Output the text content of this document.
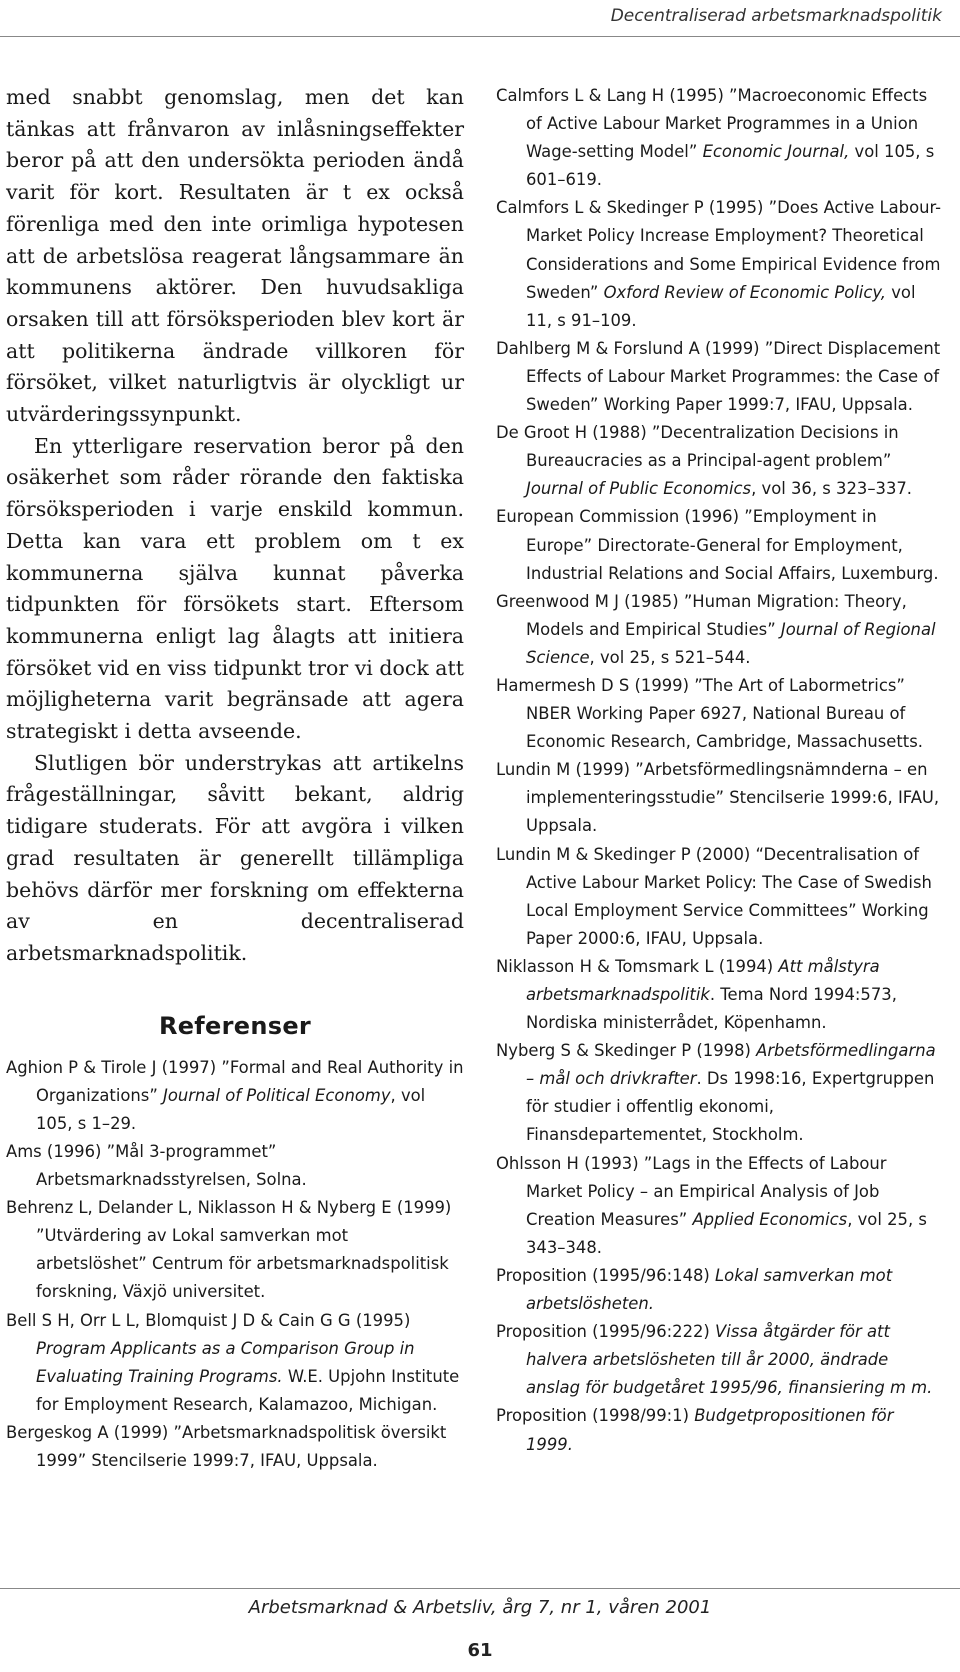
Decentraliserad arbetsmarknadspolitik

med snabbt genomslag, men det kan tänkas att frånvaron av inlåsningseffekter beror på att den undersökta perioden ändå varit för kort. Resultaten är t ex också förenliga med den inte orimliga hypotesen att de arbetslösa reagerat långsammare än kommunens aktörer. Den huvudsakliga orsaken till att försöksperioden blev kort är att politikerna ändrade villkoren för försöket, vilket naturligtvis är olyckligt ur utvärderingssynpunkt.

En ytterligare reservation beror på den osäkerhet som råder rörande den faktiska försöksperioden i varje enskild kommun. Detta kan vara ett problem om t ex kommunerna själva kunnat påverka tidpunkten för försökets start. Eftersom kommunerna enligt lag ålagts att initiera försöket vid en viss tidpunkt tror vi dock att möjligheterna varit begränsade att agera strategiskt i detta avseende.

Slutligen bör understrykas att artikelns frågeställningar, såvitt bekant, aldrig tidigare studerats. För att avgöra i vilken grad resultaten är generellt tillämpliga behövs därför mer forskning om effekterna av en decentraliserad arbetsmarknadspolitik.

Referenser
Aghion P & Tirole J (1997) ”Formal and Real Authority in Organizations” Journal of Political Economy, vol 105, s 1–29.
Ams (1996) ”Mål 3-programmet” Arbetsmarknadsstyrelsen, Solna.
Behrenz L, Delander L, Niklasson H & Nyberg E (1999) ”Utvärdering av Lokal samverkan mot arbetslöshet” Centrum för arbetsmarknadspolitisk forskning, Växjö universitet.
Bell S H, Orr L L, Blomquist J D & Cain G G (1995) Program Applicants as a Comparison Group in Evaluating Training Programs. W.E. Upjohn Institute for Employment Research, Kalamazoo, Michigan.
Bergeskog A (1999) ”Arbetsmarknadspolitisk översikt 1999” Stencilserie 1999:7, IFAU, Uppsala.
Calmfors L & Lang H (1995) ”Macroeconomic Effects of Active Labour Market Programmes in a Union Wage-setting Model” Economic Journal, vol 105, s 601–619.
Calmfors L & Skedinger P (1995) ”Does Active Labour-Market Policy Increase Employment? Theoretical Considerations and Some Empirical Evidence from Sweden” Oxford Review of Economic Policy, vol 11, s 91–109.
Dahlberg M & Forslund A (1999) ”Direct Displacement Effects of Labour Market Programmes: the Case of Sweden” Working Paper 1999:7, IFAU, Uppsala.
De Groot H (1988) ”Decentralization Decisions in Bureaucracies as a Principal-agent problem” Journal of Public Economics, vol 36, s 323–337.
European Commission (1996) ”Employment in Europe” Directorate-General for Employment, Industrial Relations and Social Affairs, Luxemburg.
Greenwood M J (1985) ”Human Migration: Theory, Models and Empirical Studies” Journal of Regional Science, vol 25, s 521–544.
Hamermesh D S (1999) ”The Art of Labormetrics” NBER Working Paper 6927, National Bureau of Economic Research, Cambridge, Massachusetts.
Lundin M (1999) ”Arbetsförmedlingsnämnderna – en implementeringsstudie” Stencilserie 1999:6, IFAU, Uppsala.
Lundin M & Skedinger P (2000) “Decentralisation of Active Labour Market Policy: The Case of Swedish Local Employment Service Committees” Working Paper 2000:6, IFAU, Uppsala.
Niklasson H & Tomsmark L (1994) Att målstyra arbetsmarknadspolitik. Tema Nord 1994:573, Nordiska ministerrådet, Köpenhamn.
Nyberg S & Skedinger P (1998) Arbetsförmedlingarna – mål och drivkrafter. Ds 1998:16, Expertgruppen för studier i offentlig ekonomi, Finansdepartementet, Stockholm.
Ohlsson H (1993) ”Lags in the Effects of Labour Market Policy – an Empirical Analysis of Job Creation Measures” Applied Economics, vol 25, s 343–348.
Proposition (1995/96:148) Lokal samverkan mot arbetslösheten.
Proposition (1995/96:222) Vissa åtgärder för att halvera arbetslösheten till år 2000, ändrade anslag för budgetåret 1995/96, finansiering m m.
Proposition (1998/99:1) Budgetpropositionen för 1999.
Arbetsmarknad & Arbetsliv, årg 7, nr 1, våren 2001
61
